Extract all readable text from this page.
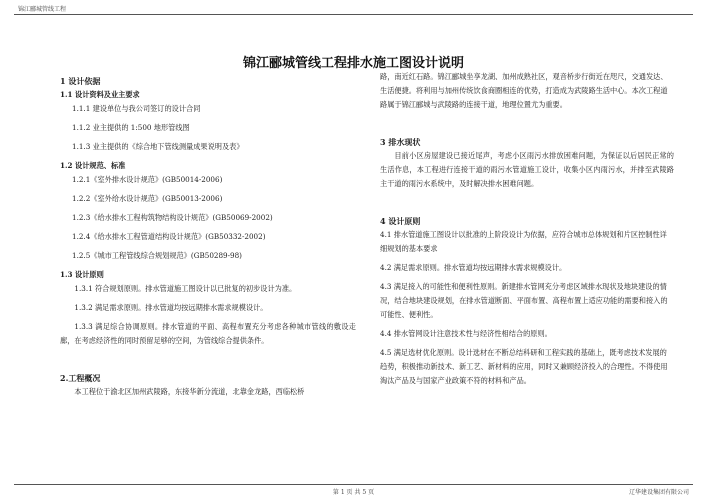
锦江郦城管线工程
锦江郦城管线工程排水施工图设计说明
1 设计依据
1.1 设计资料及业主要求
1.1.1 建设单位与我公司签订的设计合同
1.1.2 业主提供的 1:500 地形管线图
1.1.3 业主提供的《综合地下管线测量成果说明及表》
1.2 设计规范、标准
1.2.1《室外排水设计规范》(GB50014-2006)
1.2.2《室外给水设计规范》(GB50013-2006)
1.2.3《给水排水工程构筑物结构设计规范》(GB50069-2002)
1.2.4《给水排水工程管道结构设计规范》(GB50332-2002)
1.2.5《城市工程管线综合规划规范》(GB50289-98)
1.3 设计原则
1.3.1 符合规划原则。排水管道施工图设计以已批复的初步设计为准。
1.3.2 满足需求原则。排水管道均按远期排水需求规模设计。
1.3.3 满足综合协调原则。排水管道的平面、高程布置充分考虑各种城市管线的敷设走廊，在考虑经济性的同时预留足够的空间，为管线综合提供条件。
2.工程概况
本工程位于渝北区加州武陵路，东接华新分流道，北靠金龙路，西临松桥
路，南近红石路。锦江郦城坐享龙湖、加州成熟社区，观音桥步行街近在咫尺，交通发达、生活便捷。将利用与加州传统饮食商圈相连的优势，打造成为武陵路生活中心。本次工程道路属于锦江郦城与武陵路的连接干道，地理位置尤为重要。
3 排水现状
目前小区房屋建设已接近尾声，考虑小区雨污水排放困难问题，为保证以后居民正常的生活作息，本工程进行连接干道的雨污水管道施工设计，收集小区内雨污水，并排至武陵路主干道的雨污水系统中，及时解决排水困难问题。
4 设计原则
4.1 排水管道施工图设计以批准的上阶段设计为依据，应符合城市总体规划和片区控制性详细规划的基本要求
4.2 满足需求原则。排水管道均按远期排水需求规模设计。
4.3 满足接入的可能性和便利性原则。新建排水管网充分考虑区域排水现状及地块建设的情况，结合地块建设规划，在排水管道断面、平面布置、高程布置上适应功能的需要和接入的可能性、便利性。
4.4 排水管网设计注意技术性与经济性相结合的原则。
4.5 满足选材优化原则。设计选材在不断总结科研和工程实践的基础上，既考虑技术发展的趋势，积极推动新技术、新工艺、新材料的应用，同时又兼顾经济投入的合理性。不得使用淘汰产品及与国家产业政策不符的材料和产品。
第 1 页 共 5 页	辽华建设集团有限公司
